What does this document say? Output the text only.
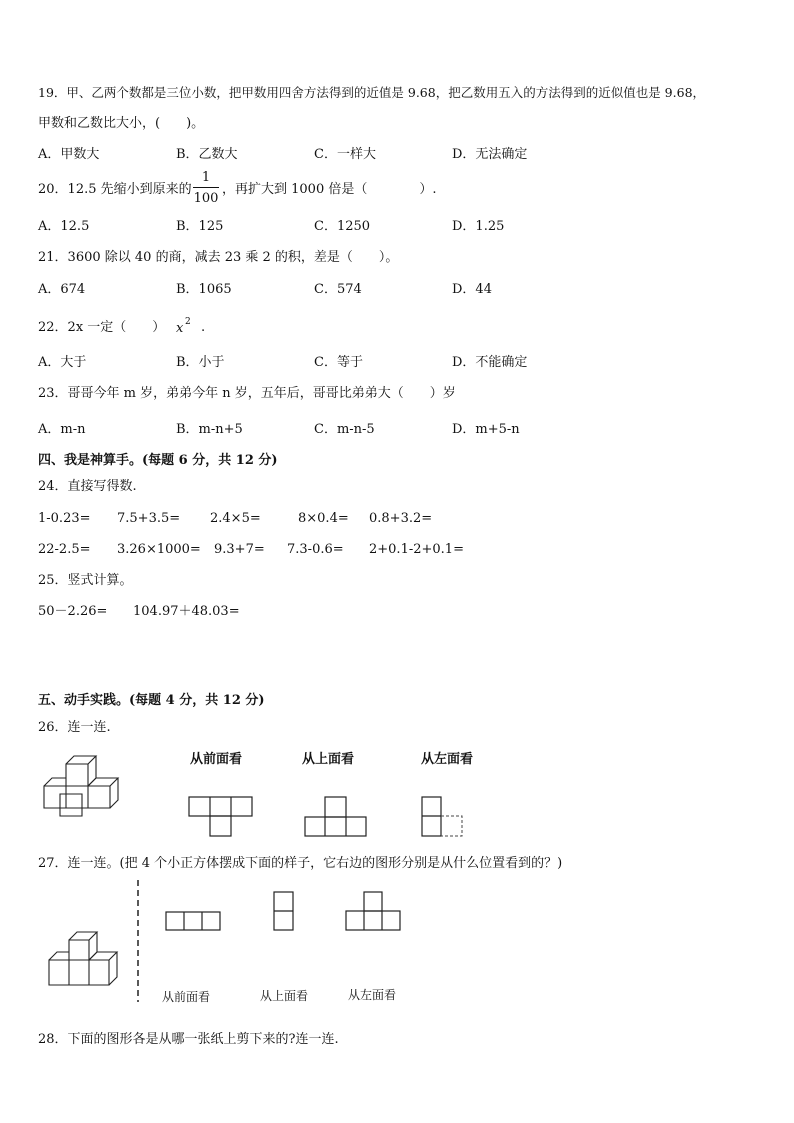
19．甲、乙两个数都是三位小数，把甲数用四舍方法得到的近值是 9.68，把乙数用五入的方法得到的近似值也是 9.68，
甲数和乙数比大小，(　　)。
A．甲数大	B．乙数大	C．一样大	D．无法确定
20．12.5 先缩小到原来的
1
100
，再扩大到 1000 倍是（　　　　）.
A．12.5	B．125	C．1250	D．1.25
21．3600 除以 40 的商，减去 23 乘 2 的积，差是（　　）。
A．674	B．1065	C．574	D．44
22．2x 一定（　　） x 2 .
A．大于	B．小于	C．等于	D．不能确定
23．哥哥今年 m 岁，弟弟今年 n 岁，五年后，哥哥比弟弟大（　　）岁
A．m-n	B．m-n+5	C．m-n-5	D．m+5-n
四、我是神算手。(每题 6 分，共 12 分)
24．直接写得数.
1-0.23= 7.5+3.5= 2.4×5=	8×0.4= 0.8+3.2=
22-2.5= 3.26×1000= 9.3+7= 7.3-0.6= 2+0.1-2+0.1=
25．竖式计算。
50－2.26= 104.97＋48.03=
五、动手实践。(每题 4 分，共 12 分)
26．连一连.
从前面看	从上面看	从左面看
27．连一连。(把 4 个小正方体摆成下面的样子，它右边的图形分别是从什么位置看到的？)
从前面看	从上面看	从左面看
28．下面的图形各是从哪一张纸上剪下来的?连一连.
